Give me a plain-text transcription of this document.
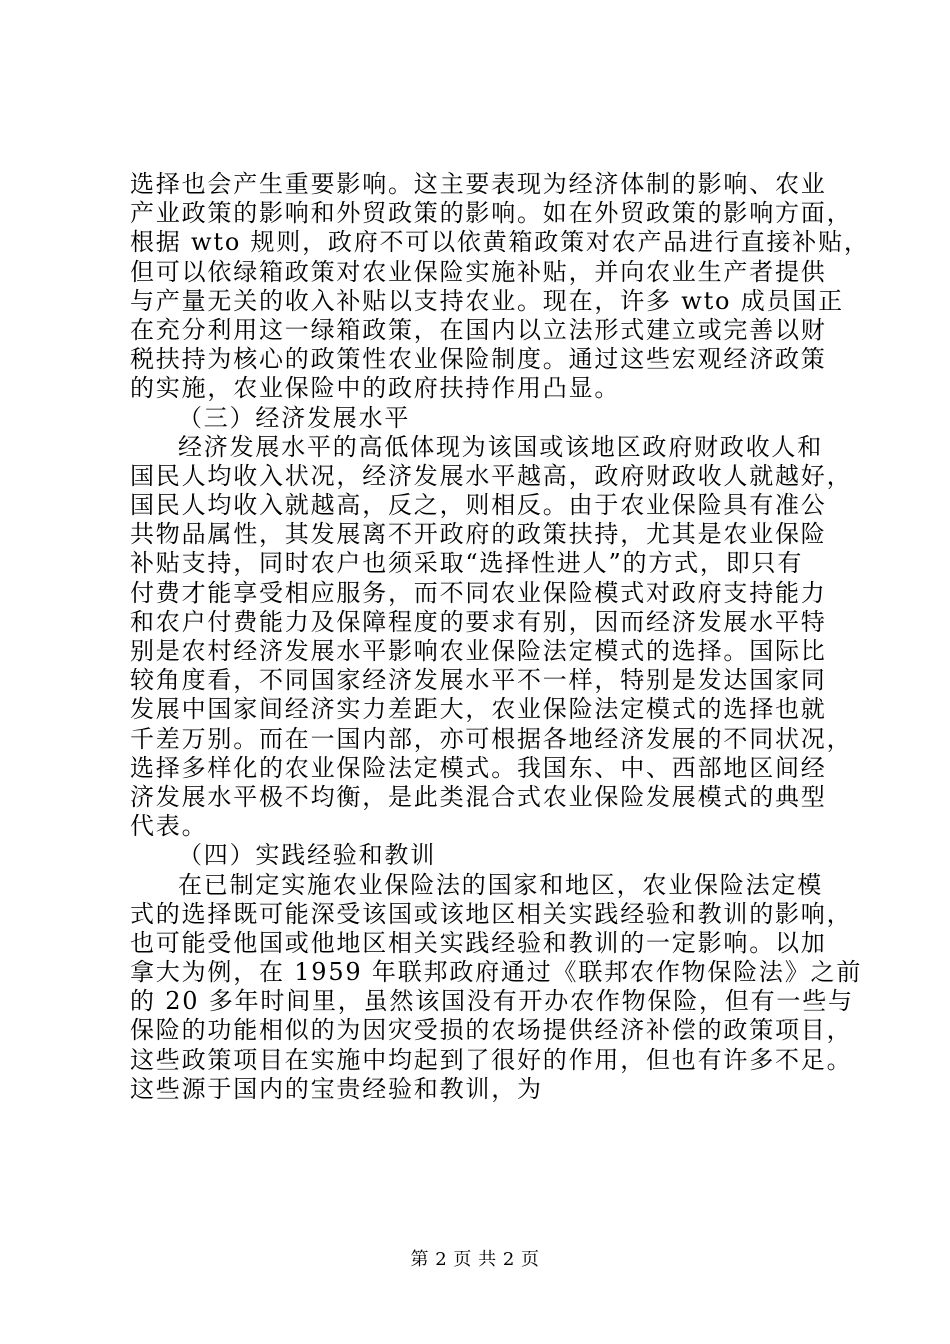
选择也会产生重要影响。这主要表现为经济体制的影响、农业
产业政策的影响和外贸政策的影响。如在外贸政策的影响方面，
根据 wto 规则，政府不可以依黄箱政策对农产品进行直接补贴，
但可以依绿箱政策对农业保险实施补贴，并向农业生产者提供
与产量无关的收入补贴以支持农业。现在，许多 wto 成员国正
在充分利用这一绿箱政策，在国内以立法形式建立或完善以财
税扶持为核心的政策性农业保险制度。通过这些宏观经济政策
的实施，农业保险中的政府扶持作用凸显。
（三）经济发展水平
经济发展水平的高低体现为该国或该地区政府财政收人和
国民人均收入状况，经济发展水平越高，政府财政收人就越好，
国民人均收入就越高，反之，则相反。由于农业保险具有准公
共物品属性，其发展离不开政府的政策扶持，尤其是农业保险
补贴支持，同时农户也须采取“选择性进人”的方式，即只有
付费才能享受相应服务，而不同农业保险模式对政府支持能力
和农户付费能力及保障程度的要求有别，因而经济发展水平特
别是农村经济发展水平影响农业保险法定模式的选择。国际比
较角度看，不同国家经济发展水平不一样，特别是发达国家同
发展中国家间经济实力差距大，农业保险法定模式的选择也就
千差万别。而在一国内部，亦可根据各地经济发展的不同状况，
选择多样化的农业保险法定模式。我国东、中、西部地区间经
济发展水平极不均衡，是此类混合式农业保险发展模式的典型
代表。
（四）实践经验和教训
在已制定实施农业保险法的国家和地区，农业保险法定模
式的选择既可能深受该国或该地区相关实践经验和教训的影响，
也可能受他国或他地区相关实践经验和教训的一定影响。以加
拿大为例，在 1959 年联邦政府通过《联邦农作物保险法》之前
的 20 多年时间里，虽然该国没有开办农作物保险，但有一些与
保险的功能相似的为因灾受损的农场提供经济补偿的政策项目，
这些政策项目在实施中均起到了很好的作用，但也有许多不足。
这些源于国内的宝贵经验和教训，为
第 2 页 共 2 页
